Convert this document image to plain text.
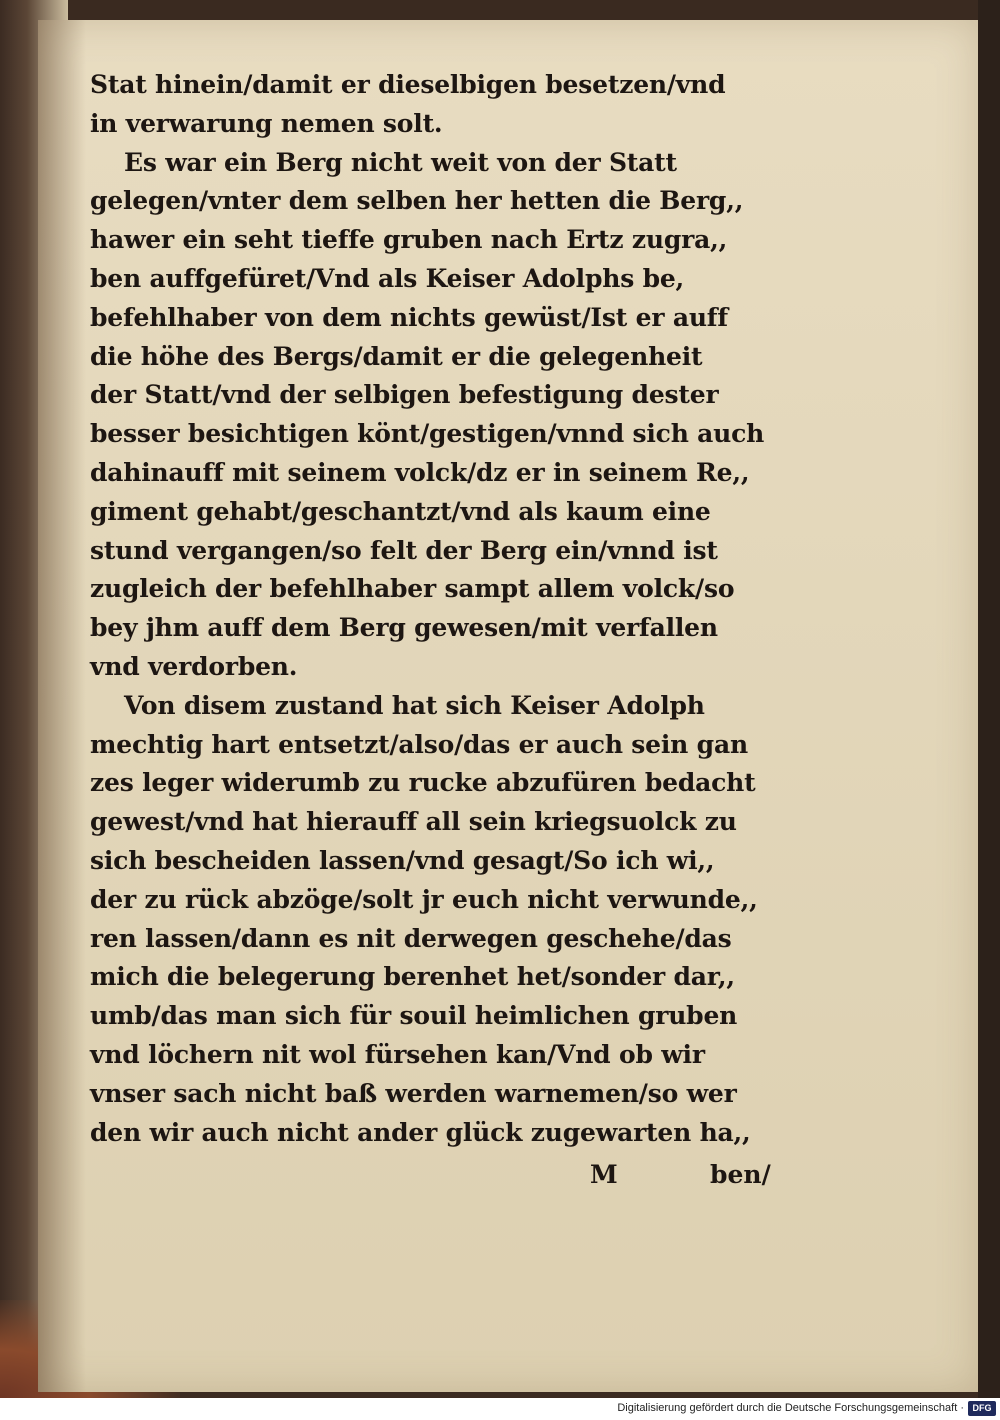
Stat hinein/damit er dieselbigen besetzen/vnd
in verwarung nemen solt.
Es war ein Berg nicht weit von der Statt
gelegen/vnter dem selben her hetten die Berg,,
hawer ein seht tieffe gruben nach Ertz zugra,,
ben auffgefüret/Vnd als Keiser Adolphs be,
befehlhaber von dem nichts gewüst/Ist er auff
die höhe des Bergs/damit er die gelegenheit
der Statt/vnd der selbigen befestigung dester
besser besichtigen könt/gestigen/vnnd sich auch
dahinauff mit seinem volck/dz er in seinem Re,,
giment gehabt/geschantzt/vnd als kaum eine
stund vergangen/so felt der Berg ein/vnnd ist
zugleich der befehlhaber sampt allem volck/so
bey jhm auff dem Berg gewesen/mit verfallen
vnd verdorben.
Von disem zustand hat sich Keiser Adolph
mechtig hart entsetzt/also/das er auch sein gan
zes leger widerumb zu rucke abzufüren bedacht
gewest/vnd hat hierauff all sein kriegsuolck zu
sich bescheiden lassen/vnd gesagt/So ich wi,,
der zu rück abzöge/solt jr euch nicht verwunde,,
ren lassen/dann es nit derwegen geschehe/das
mich die belegerung berenhet het/sonder dar,,
umb/das man sich für souil heimlichen gruben
vnd löchern nit wol fürsehen kan/Vnd ob wir
vnser sach nicht baß werden warnemen/so wer
den wir auch nicht ander glück zugewarten ha,,
M	ben/
Digitalisierung gefördert durch die Deutsche Forschungsgemeinschaft · DFG
